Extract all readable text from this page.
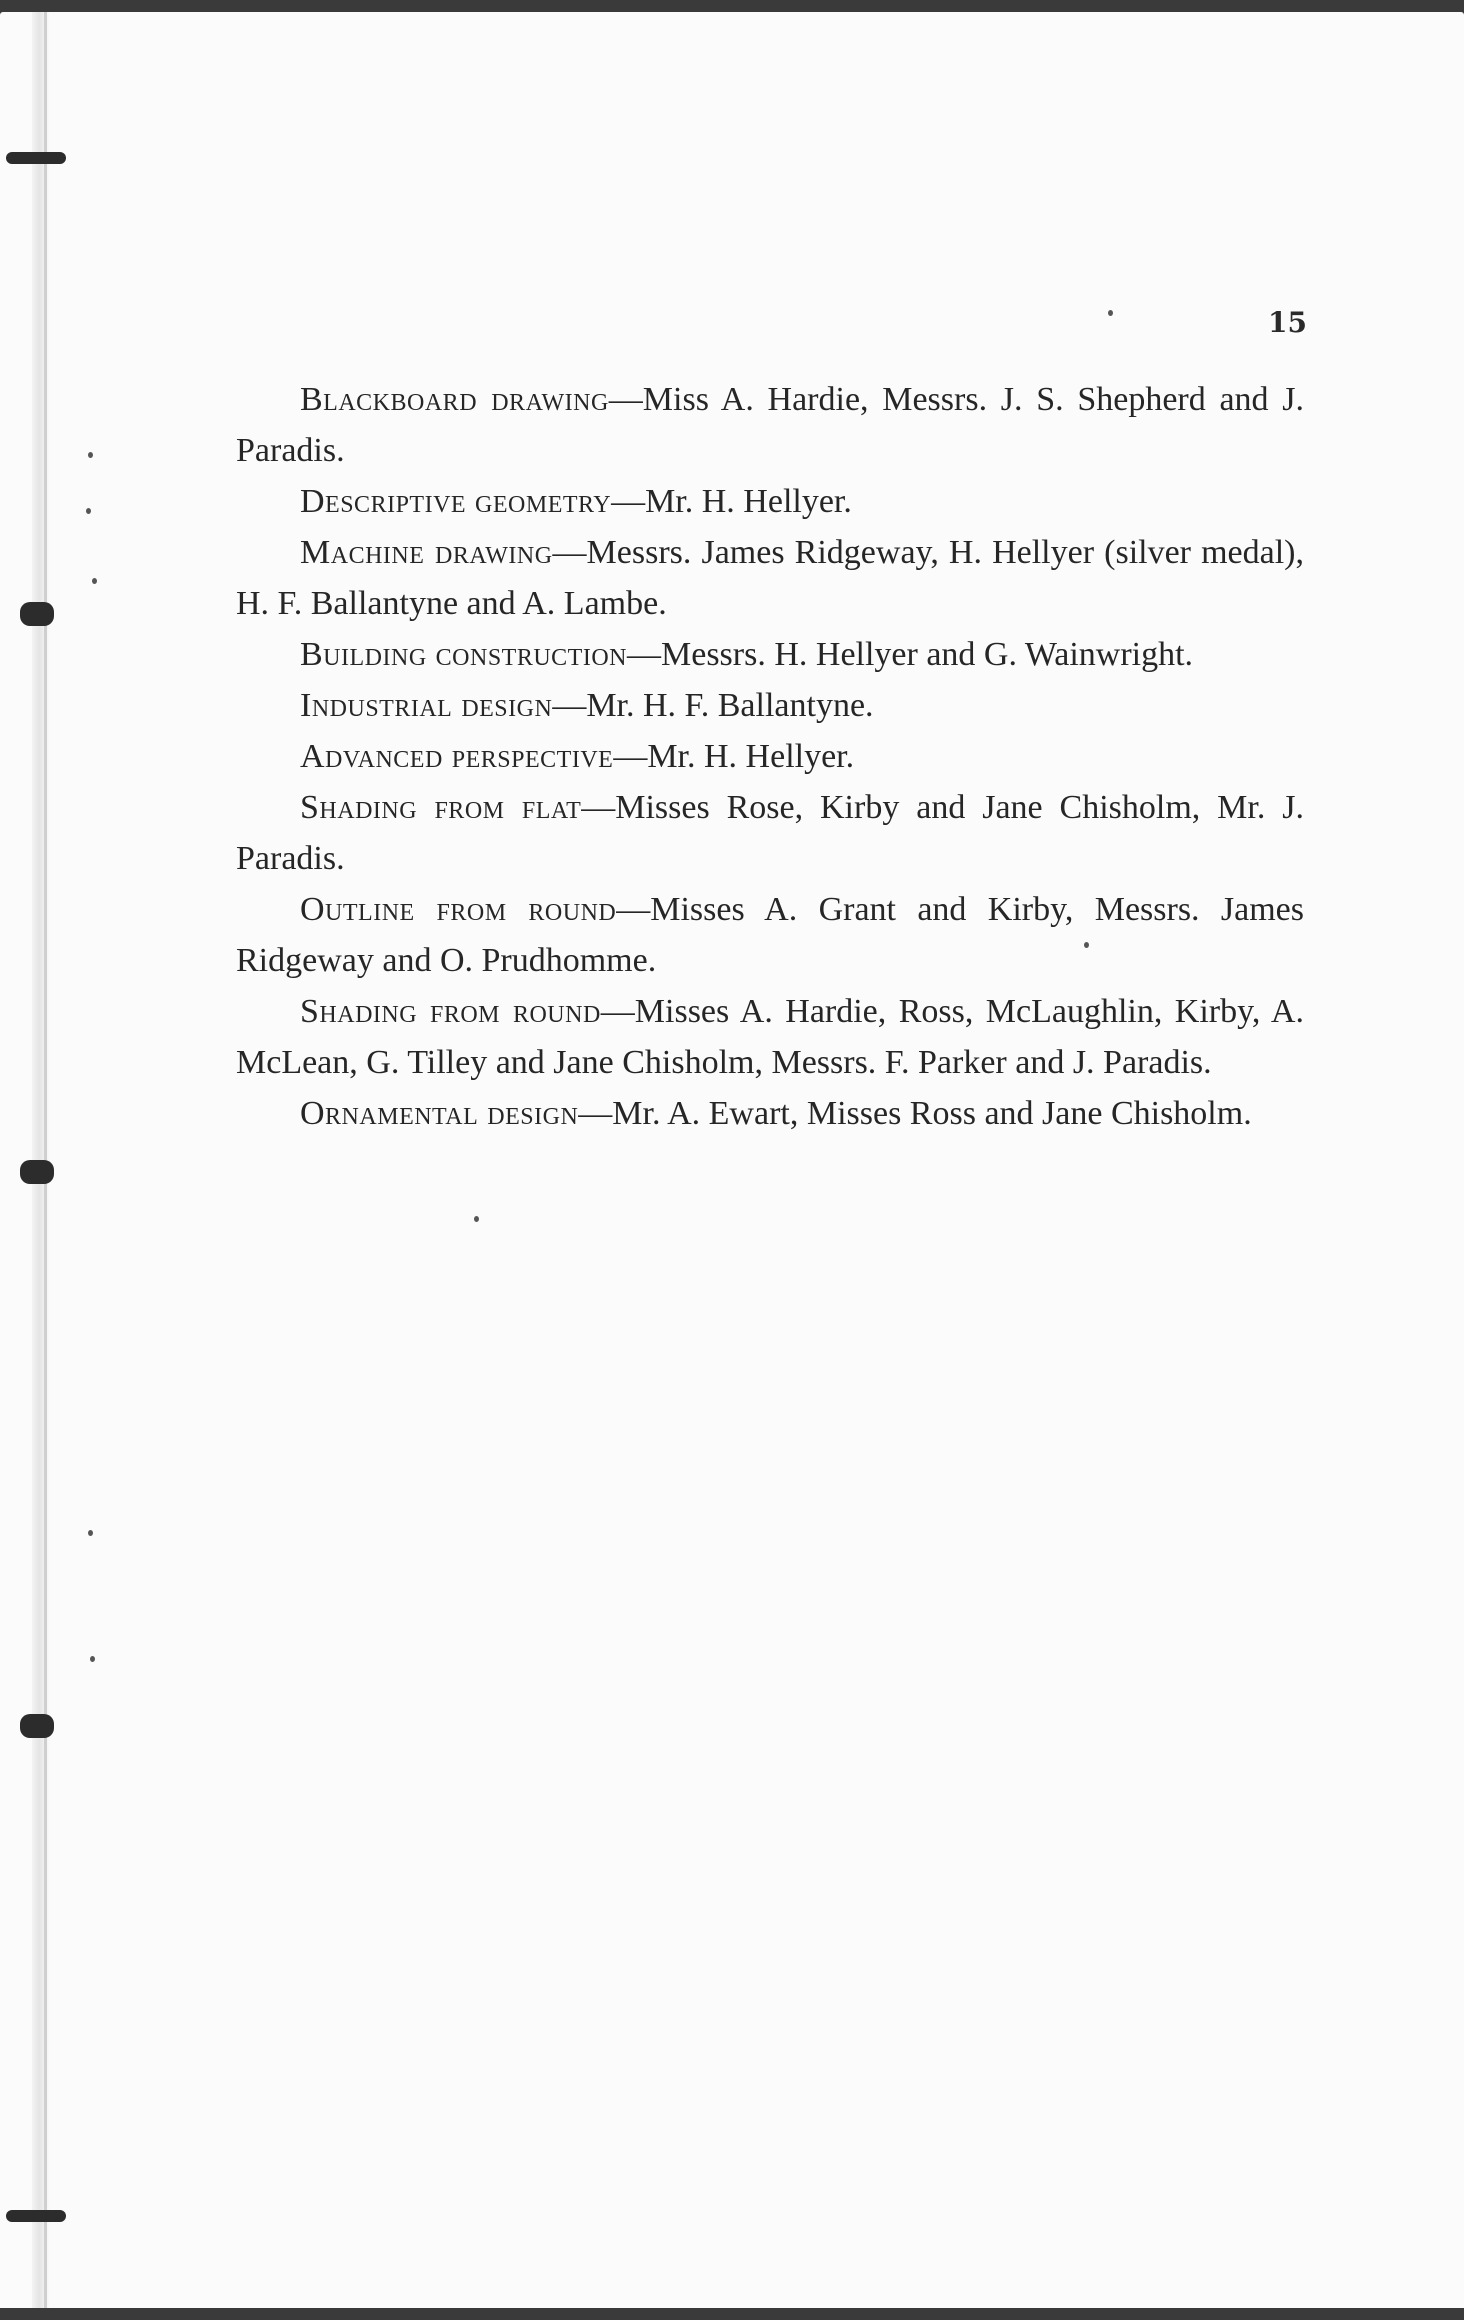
15

Blackboard drawing—Miss A. Hardie, Messrs. J. S. Shepherd and J. Paradis.

Descriptive geometry—Mr. H. Hellyer.

Machine drawing—Messrs. James Ridgeway, H. Hellyer (silver medal), H. F. Ballantyne and A. Lambe.

Building construction—Messrs. H. Hellyer and G. Wainwright.

Industrial design—Mr. H. F. Ballantyne.

Advanced perspective—Mr. H. Hellyer.

Shading from flat—Misses Rose, Kirby and Jane Chisholm, Mr. J. Paradis.

Outline from round—Misses A. Grant and Kirby, Messrs. James Ridgeway and O. Prudhomme.

Shading from round—Misses A. Hardie, Ross, McLaughlin, Kirby, A. McLean, G. Tilley and Jane Chisholm, Messrs. F. Parker and J. Paradis.

Ornamental design—Mr. A. Ewart, Misses Ross and Jane Chisholm.
